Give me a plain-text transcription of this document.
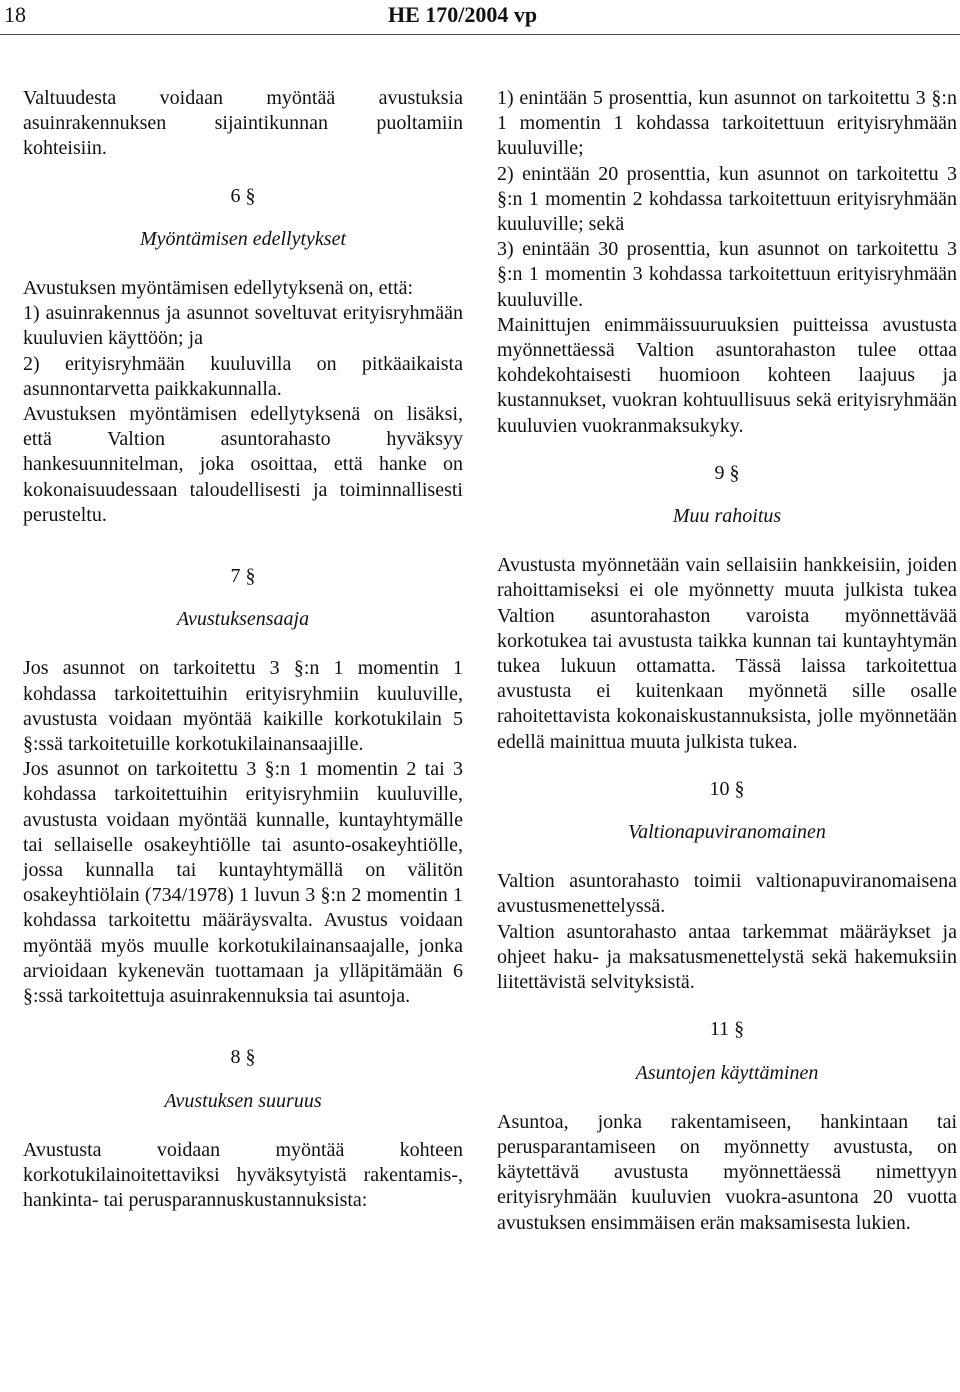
18	HE 170/2004 vp

Valtuudesta voidaan myöntää avustuksia asuinrakennuksen sijaintikunnan puoltamiin kohteisiin.

6 §

Myöntämisen edellytykset

Avustuksen myöntämisen edellytyksenä on, että:

1) asuinrakennus ja asunnot soveltuvat erityisryhmään kuuluvien käyttöön; ja

2) erityisryhmään kuuluvilla on pitkäaikaista asunnontarvetta paikkakunnalla.

Avustuksen myöntämisen edellytyksenä on lisäksi, että Valtion asuntorahasto hyväksyy hankesuunnitelman, joka osoittaa, että hanke on kokonaisuudessaan taloudellisesti ja toiminnallisesti perusteltu.

7 §

Avustuksensaaja

Jos asunnot on tarkoitettu 3 §:n 1 momentin 1 kohdassa tarkoitettuihin erityisryhmiin kuuluville, avustusta voidaan myöntää kaikille korkotukilain 5 §:ssä tarkoitetuille korkotukilainansaajille.

Jos asunnot on tarkoitettu 3 §:n 1 momentin 2 tai 3 kohdassa tarkoitettuihin erityisryhmiin kuuluville, avustusta voidaan myöntää kunnalle, kuntayhtymälle tai sellaiselle osakeyhtiölle tai asunto-osakeyhtiölle, jossa kunnalla tai kuntayhtymällä on välitön osakeyhtiölain (734/1978) 1 luvun 3 §:n 2 momentin 1 kohdassa tarkoitettu määräysvalta. Avustus voidaan myöntää myös muulle korkotukilainansaajalle, jonka arvioidaan kykenevän tuottamaan ja ylläpitämään 6 §:ssä tarkoitettuja asuinrakennuksia tai asuntoja.

8 §

Avustuksen suuruus

Avustusta voidaan myöntää kohteen korkotukilainoitettaviksi hyväksytyistä rakentamis-, hankinta- tai perusparannuskustannuksista:

1) enintään 5 prosenttia, kun asunnot on tarkoitettu 3 §:n 1 momentin 1 kohdassa tarkoitettuun erityisryhmään kuuluville;

2) enintään 20 prosenttia, kun asunnot on tarkoitettu 3 §:n 1 momentin 2 kohdassa tarkoitettuun erityisryhmään kuuluville; sekä

3) enintään 30 prosenttia, kun asunnot on tarkoitettu 3 §:n 1 momentin 3 kohdassa tarkoitettuun erityisryhmään kuuluville.

Mainittujen enimmäissuuruuksien puitteissa avustusta myönnettäessä Valtion asuntorahaston tulee ottaa kohdekohtaisesti huomioon kohteen laajuus ja kustannukset, vuokran kohtuullisuus sekä erityisryhmään kuuluvien vuokranmaksukyky.

9 §

Muu rahoitus

Avustusta myönnetään vain sellaisiin hankkeisiin, joiden rahoittamiseksi ei ole myönnetty muuta julkista tukea Valtion asuntorahaston varoista myönnettävää korkotukea tai avustusta taikka kunnan tai kuntayhtymän tukea lukuun ottamatta. Tässä laissa tarkoitettua avustusta ei kuitenkaan myönnetä sille osalle rahoitettavista kokonaiskustannuksista, jolle myönnetään edellä mainittua muuta julkista tukea.

10 §

Valtionapuviranomainen

Valtion asuntorahasto toimii valtionapuviranomaisena avustusmenettelyssä.

Valtion asuntorahasto antaa tarkemmat määräykset ja ohjeet haku- ja maksatusmenettelystä sekä hakemuksiin liitettävistä selvityksistä.

11 §

Asuntojen käyttäminen

Asuntoa, jonka rakentamiseen, hankintaan tai perusparantamiseen on myönnetty avustusta, on käytettävä avustusta myönnettäessä nimettyyn erityisryhmään kuuluvien vuokra-asuntona 20 vuotta avustuksen ensimmäisen erän maksamisesta lukien.
